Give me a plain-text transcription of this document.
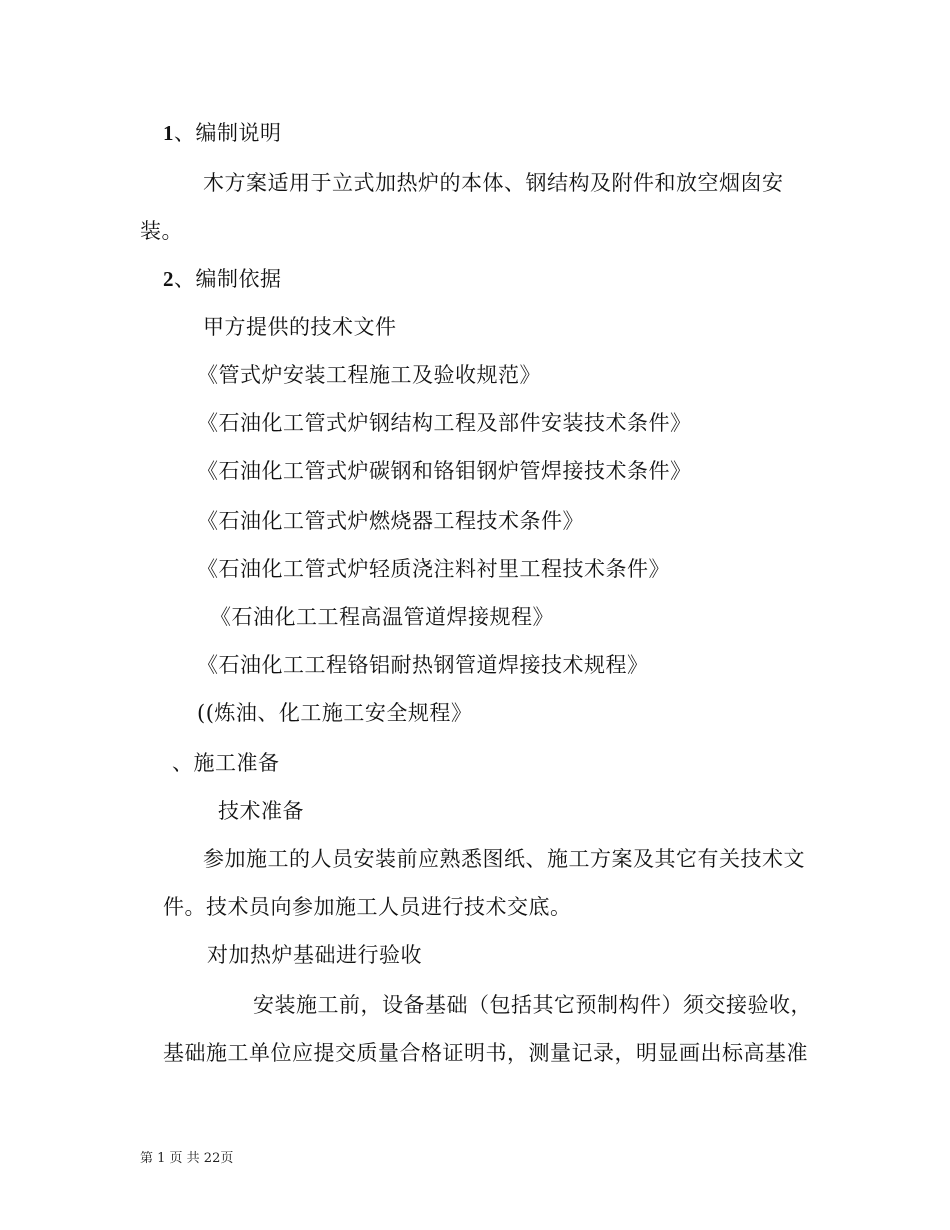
1、编制说明
木方案适用于立式加热炉的本体、钢结构及附件和放空烟囱安
装。
2、编制依据
甲方提供的技术文件
《管式炉安装工程施工及验收规范》
《石油化工管式炉钢结构工程及部件安装技术条件》
《石油化工管式炉碳钢和铬钼钢炉管焊接技术条件》
《石油化工管式炉燃烧器工程技术条件》
《石油化工管式炉轻质浇注料衬里工程技术条件》
《石油化工工程高温管道焊接规程》
《石油化工工程铬铝耐热钢管道焊接技术规程》
((炼油、化工施工安全规程》
、施工准备
技术准备
参加施工的人员安装前应熟悉图纸、施工方案及其它有关技术文
件。技术员向参加施工人员进行技术交底。
对加热炉基础进行验收
安装施工前，设备基础（包括其它预制构件）须交接验收，
基础施工单位应提交质量合格证明书，测量记录，明显画出标高基准
第 1 页 共 22页
